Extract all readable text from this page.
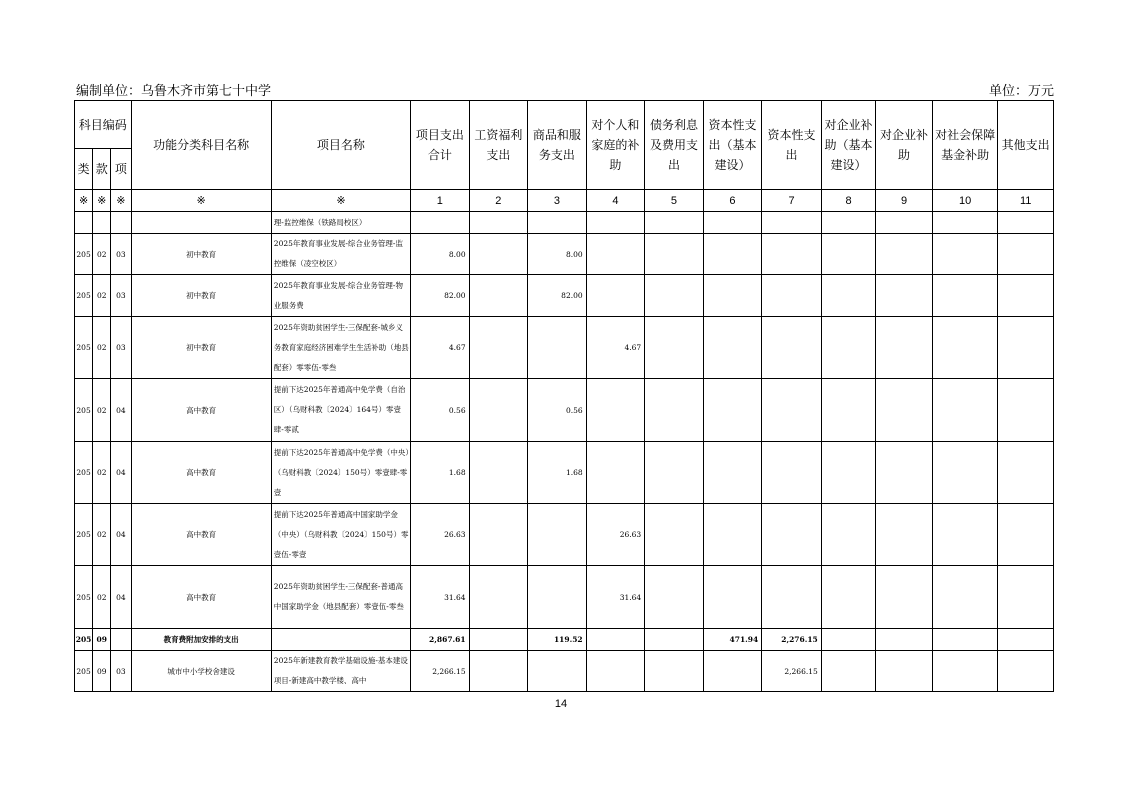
编制单位：乌鲁木齐市第七十中学	单位：万元
科目编码			功能分类科目名称	项目名称	项目支出合计	工资福利支出	商品和服务支出	对个人和家庭的补助	债务利息及费用支出	资本性支出（基本建设）	资本性支出	对企业补助（基本建设）	对企业补助	对社会保障基金补助	其他支出
类	款	项													
※	※	※	※	※	1	2	3	4	5	6	7	8	9	10	11
				理-监控维保（铁路局校区）											
205	02	03	初中教育	2025年教育事业发展-综合业务管理-监控维保（凌空校区）	8.00		8.00								
205	02	03	初中教育	2025年教育事业发展-综合业务管理-物业服务费	82.00		82.00								
205	02	03	初中教育	2025年资助贫困学生-三保配套-城乡义务教育家庭经济困难学生生活补助（地县配套）零零伍-零叁	4.67			4.67							
205	02	04	高中教育	提前下达2025年普通高中免学费（自治区）（乌财科教〔2024〕164号）零壹肆-零贰	0.56		0.56								
205	02	04	高中教育	提前下达2025年普通高中免学费（中央）（乌财科教〔2024〕150号）零壹肆-零壹	1.68		1.68								
205	02	04	高中教育	提前下达2025年普通高中国家助学金（中央）（乌财科教〔2024〕150号）零壹伍-零壹	26.63			26.63							
205	02	04	高中教育	2025年资助贫困学生-三保配套-普通高中国家助学金（地县配套）零壹伍-零叁	31.64			31.64							
205	09		教育费附加安排的支出		2,867.61		119.52			471.94	2,276.15				
205	09	03	城市中小学校舍建设	2025年新建教育教学基础设施-基本建设项目-新建高中教学楼、高中	2,266.15						2,266.15				
14
